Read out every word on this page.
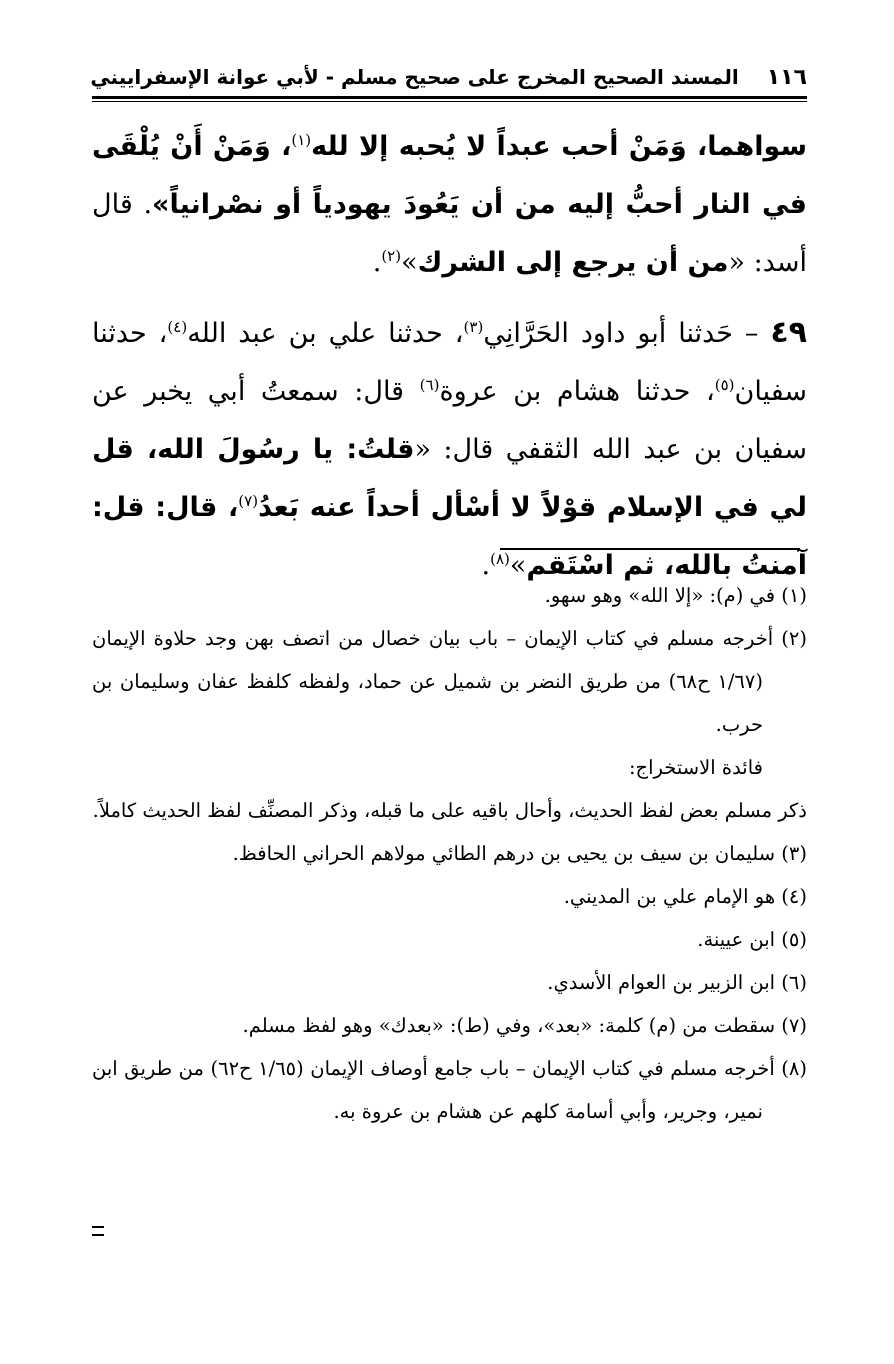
١١٦
المسند الصحيح المخرج على صحيح مسلم - لأبي عوانة الإسفراييني

سواهما، وَمَنْ أحب عبداً لا يُحبه إلا لله$^{(١)}$، وَمَنْ أَنْ يُلْقَى في النار أحبُّ إليه من أن يَعُودَ يهودياً أو نصْرانياً». قال أسد: «من أن يرجع إلى الشرك»$^{(٢)}$.

٤٩ – حَدثنا أبو داود الحَرَّانِي$^{(٣)}$، حدثنا علي بن عبد الله$^{(٤)}$، حدثنا سفيان$^{(٥)}$، حدثنا هشام بن عروة$^{(٦)}$ قال: سمعتُ أبي يخبر عن سفيان بن عبد الله الثقفي قال: «قلتُ: يا رسُولَ الله، قل لي في الإسلام قوْلاً لا أسْأل أحداً عنه بَعدُ$^{(٧)}$، قال: قل: آمنتُ بالله، ثم اسْتَقم»$^{(٨)}$.

(١) في (م): «إلا الله» وهو سهو.

(٢) أخرجه مسلم في كتاب الإيمان – باب بيان خصال من اتصف بهن وجد حلاوة الإيمان (١/٦٧ ح٦٨) من طريق النضر بن شميل عن حماد، ولفظه كلفظ عفان وسليمان بن حرب.

فائدة الاستخراج:

ذكر مسلم بعض لفظ الحديث، وأحال باقيه على ما قبله، وذكر المصنِّف لفظ الحديث كاملاً.

(٣) سليمان بن سيف بن يحيى بن درهم الطائي مولاهم الحراني الحافظ.

(٤) هو الإمام علي بن المديني.

(٥) ابن عيينة.

(٦) ابن الزبير بن العوام الأسدي.

(٧) سقطت من (م) كلمة: «بعد»، وفي (ط): «بعدك» وهو لفظ مسلم.

(٨) أخرجه مسلم في كتاب الإيمان – باب جامع أوصاف الإيمان (١/٦٥ ح٦٢) من طريق ابن نمير، وجرير، وأبي أسامة كلهم عن هشام بن عروة به.
